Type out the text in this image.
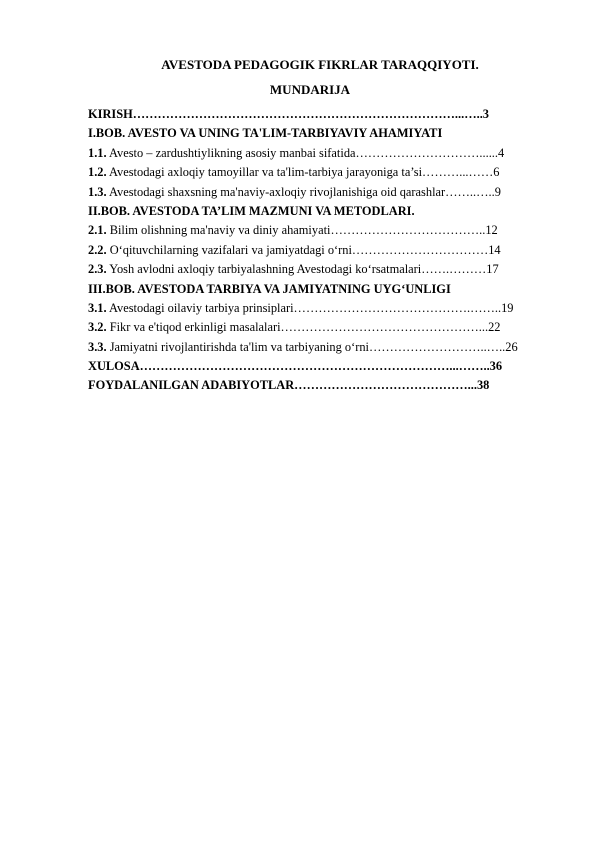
AVESTODA PEDAGOGIK FIKRLAR TARAQQIYOTI.
MUNDARIJA
KIRISH……………………………………………………………………...…..3
I.BOB. AVESTO VA UNING TA'LIM-TARBIYAVIY AHAMIYATI
1.1. Avesto – zardushtiylikning asosiy manbai sifatida…………………………......4
1.2. Avestodagi axloqiy tamoyillar va ta'lim-tarbiya jarayoniga ta’si………...……6
1.3. Avestodagi shaxsning ma'naviy-axloqiy rivojlanishiga oid qarashlar……..…..9
II.BOB. AVESTODA TA’LIM MAZMUNI VA METODLARI.
2.1. Bilim olishning ma'naviy va diniy ahamiyati………………………………..12
2.2. O‘qituvchilarning vazifalari va jamiyatdagi o‘rni……………………………14
2.3. Yosh avlodni axloqiy tarbiyalashning Avestodagi ko‘rsatmalari…….………17
III.BOB. AVESTODA TARBIYA VA JAMIYATNING UYG‘UNLIGI
3.1. Avestodagi oilaviy tarbiya prinsiplari…………………………………….……..19
3.2. Fikr va e'tiqod erkinligi masalalari…………………………………………...22
3.3. Jamiyatni rivojlantirishda ta'lim va tarbiyaning o‘rni………………………..…..26
XULOSA…………………………………………………………………...……..36
FOYDALANILGAN ADABIYOTLAR……………………………………...38
